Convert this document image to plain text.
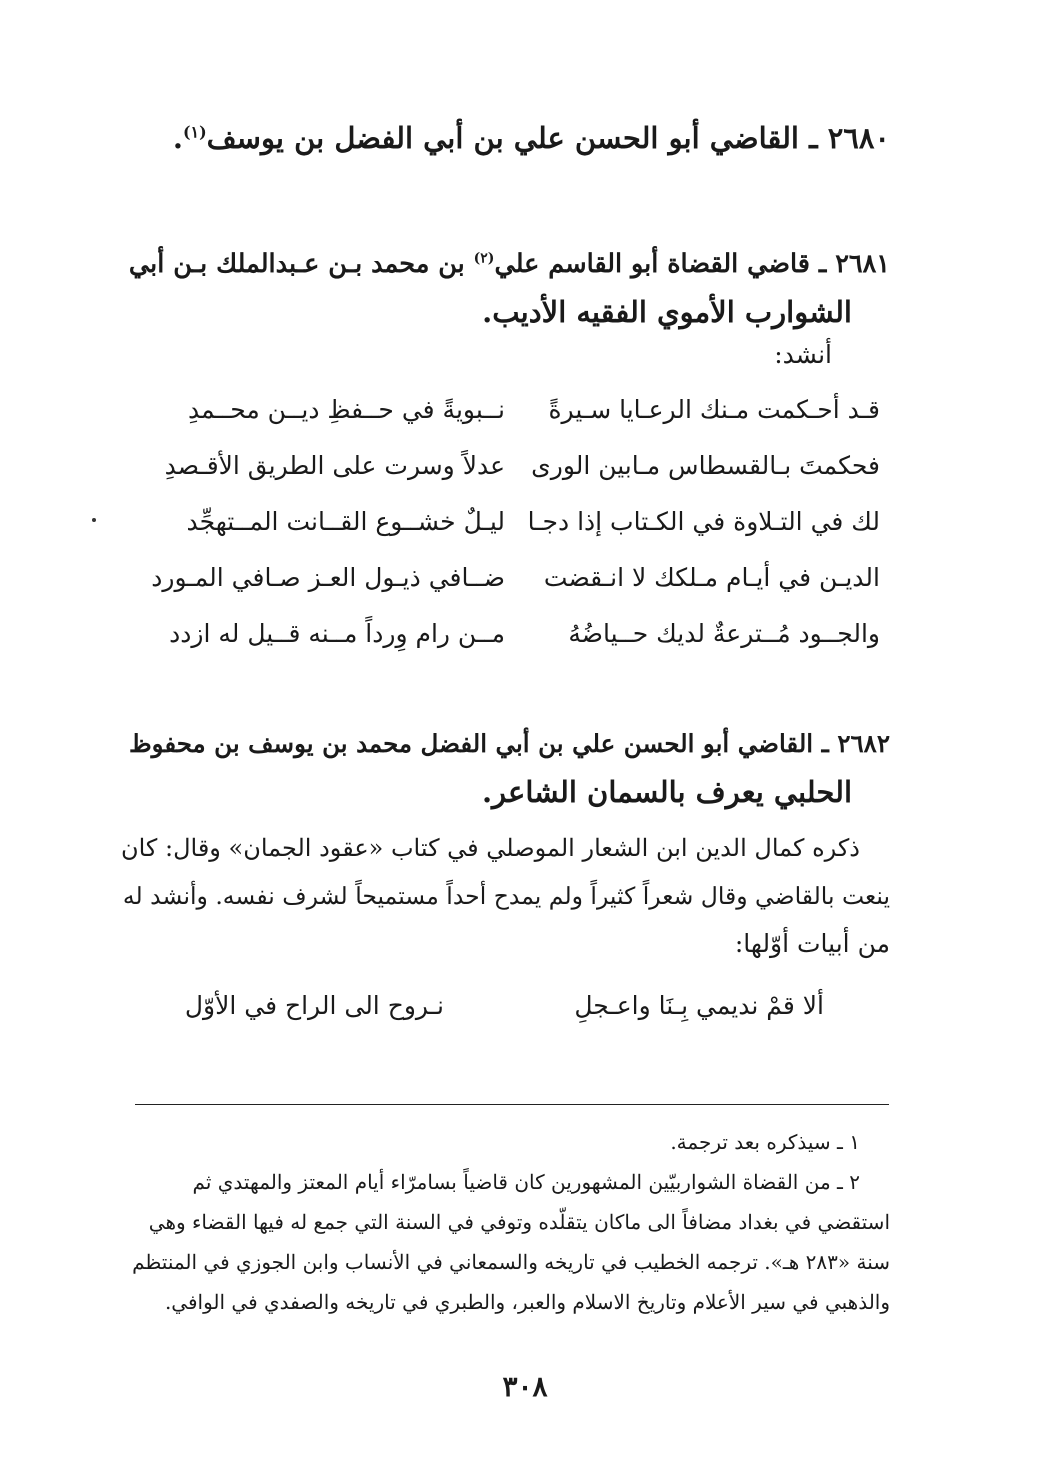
٢٦٨٠ ـ القاضي أبو الحسن علي بن أبي الفضل بن يوسف$^{(١)}$.
٢٦٨١ ـ قاضي القضاة أبو القاسم علي$^{(٢)}$ بن محمد بـن عـبدالملك بـن أبي
الشوارب الأموي الفقيه الأديب.
أنشد:
قـد أحـكمت مـنك الرعـايا سـيرةً
نــبويةً في حــفظِ ديــن محــمدِ
فحكمتَ بـالقسطاس مـابين الورى
عدلاً وسرت على الطريق الأقـصدِ
لك في التـلاوة في الكـتاب إذا دجـا
ليـلٌ خشــوع القــانت المــتهجِّد
الديـن في أيـام مـلكك لا انـقضت
ضــافي ذيـول العـز صـافي المـورد
والجــود مُــترعةٌ لديك حــياضُهُ
مــن رام وِرداً مــنه قــيل له ازدد
٢٦٨٢ ـ القاضي أبو الحسن علي بن أبي الفضل محمد بن يوسف بن محفوظ
الحلبي يعرف بالسمان الشاعر.
ذكره كمال الدين ابن الشعار الموصلي في كتاب «عقود الجمان» وقال: كان
ينعت بالقاضي وقال شعراً كثيراً ولم يمدح أحداً مستميحاً لشرف نفسه. وأنشد له
من أبيات أوّلها:
ألا قمْ نديمي بِـنَا واعـجلِ
نـروح الى الراح في الأوّل
١ ـ سيذكره بعد ترجمة.
٢ ـ من القضاة الشواربيّين المشهورين كان قاضياً بسامرّاء أيام المعتز والمهتدي ثم
استقضي في بغداد مضافاً الى ماكان يتقلّده وتوفي في السنة التي جمع له فيها القضاء وهي
سنة «٢٨٣ هـ». ترجمه الخطيب في تاريخه والسمعاني في الأنساب وابن الجوزي في المنتظم
والذهبي في سير الأعلام وتاريخ الاسلام والعبر، والطبري في تاريخه والصفدي في الوافي.
٣٠٨
